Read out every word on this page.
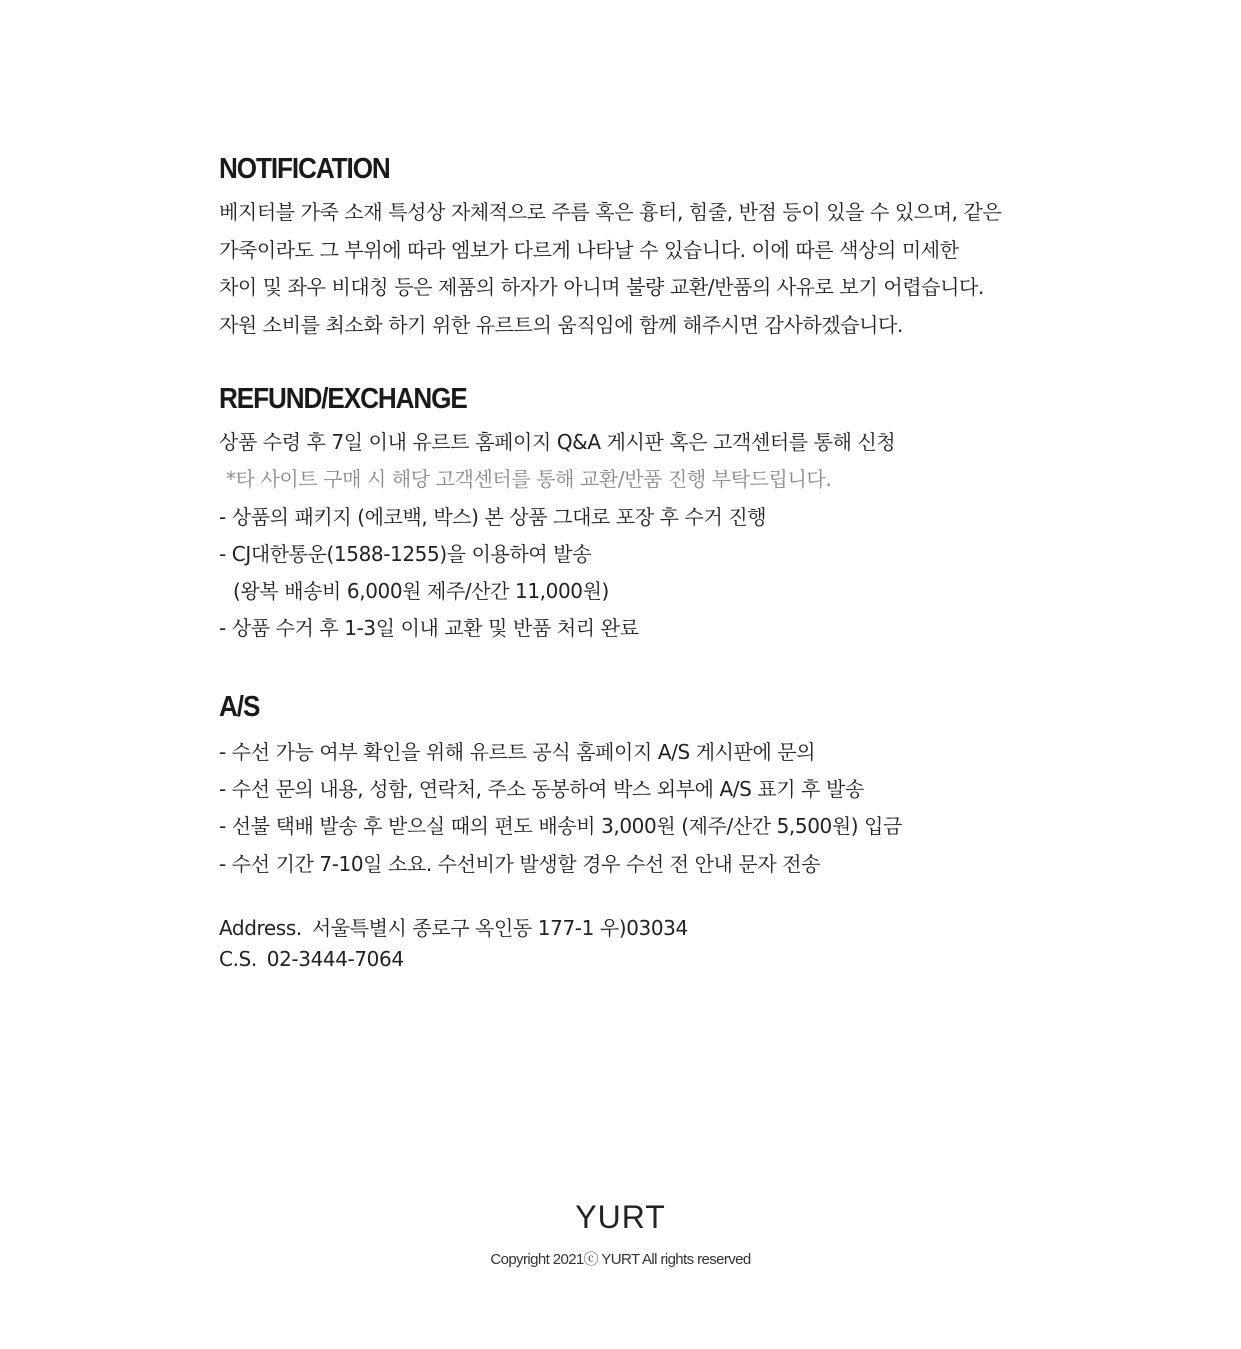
NOTIFICATION

베지터블 가죽 소재 특성상 자체적으로 주름 혹은 흉터, 힘줄, 반점 등이 있을 수 있으며, 같은
가죽이라도 그 부위에 따라 엠보가 다르게 나타날 수 있습니다. 이에 따른 색상의 미세한
차이 및 좌우 비대칭 등은 제품의 하자가 아니며 불량 교환/반품의 사유로 보기 어렵습니다.
자원 소비를 최소화 하기 위한 유르트의 움직임에 함께 해주시면 감사하겠습니다.

REFUND/EXCHANGE
상품 수령 후 7일 이내 유르트 홈페이지 Q&A 게시판 혹은 고객센터를 통해 신청
*타 사이트 구매 시 해당 고객센터를 통해 교환/반품 진행 부탁드립니다.
- 상품의 패키지 (에코백, 박스) 본 상품 그대로 포장 후 수거 진행
- CJ대한통운(1588-1255)을 이용하여 발송
(왕복 배송비 6,000원 제주/산간 11,000원)
- 상품 수거 후 1-3일 이내 교환 및 반품 처리 완료
A/S
- 수선 가능 여부 확인을 위해 유르트 공식 홈페이지 A/S 게시판에 문의
- 수선 문의 내용, 성함, 연락처, 주소 동봉하여 박스 외부에 A/S 표기 후 발송
- 선불 택배 발송 후 받으실 때의 편도 배송비 3,000원 (제주/산간 5,500원) 입금
- 수선 기간 7-10일 소요. 수선비가 발생할 경우 수선 전 안내 문자 전송
Address. 서울특별시 종로구 옥인동 177-1 우)03034
C.S. 02-3444-7064
YURT
Copyright 2021ⓒ YURT All rights reserved
